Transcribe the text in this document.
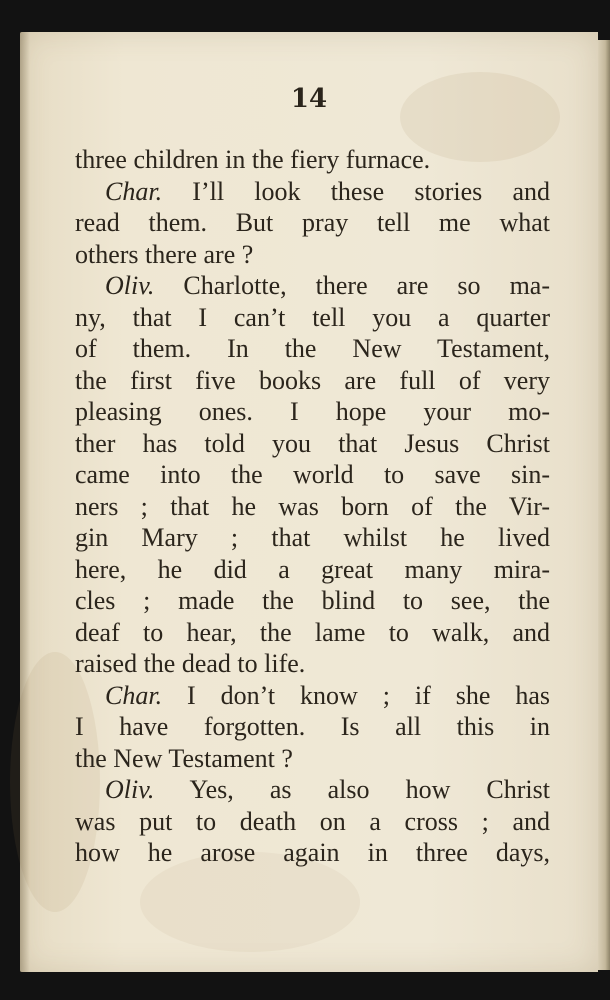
14
three children in the fiery furnace.
Char. I’ll look these stories and
read them. But pray tell me what
others there are ?
Oliv. Charlotte, there are so ma-
ny, that I can’t tell you a quarter
of them. In the New Testament,
the first five books are full of very
pleasing ones. I hope your mo-
ther has told you that Jesus Christ
came into the world to save sin-
ners ; that he was born of the Vir-
gin Mary ; that whilst he lived
here, he did a great many mira-
cles ; made the blind to see, the
deaf to hear, the lame to walk, and
raised the dead to life.
Char. I don’t know ; if she has
I have forgotten. Is all this in
the New Testament ?
Oliv. Yes, as also how Christ
was put to death on a cross ; and
how he arose again in three days,
